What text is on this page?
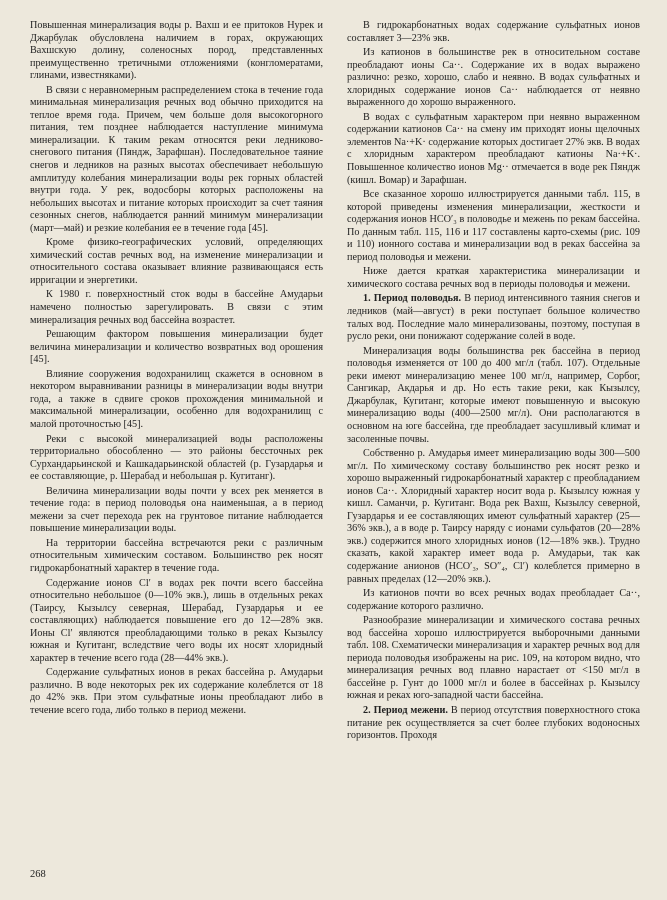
Повышенная минерализация воды р. Вахш и ее притоков Нурек и Джарбулак обусловлена наличием в горах, окружающих Вахшскую долину, соленосных пород, представленных преимущественно третичными отложениями (конгломератами, глинами, известняками).

В связи с неравномерным распределением стока в течение года минимальная минерализация речных вод обычно приходится на теплое время года. Причем, чем больше доля высокогорного питания, тем позднее наблюдается наступление минимума минерализации. К таким рекам относятся реки ледниково-снегового питания (Пяндж, Зарафшан). Последовательное таяние снегов и ледников на разных высотах обеспечивает небольшую амплитуду колебания минерализации воды рек горных областей внутри года. У рек, водосборы которых расположены на небольших высотах и питание которых происходит за счет таяния сезонных снегов, наблюдается ранний минимум минерализации (март—май) и резкие колебания ее в течение года [45].

Кроме физико-географических условий, определяющих химический состав речных вод, на изменение минерализации и относительного состава оказывает влияние развивающаяся есть ирригации и энергетики.

К 1980 г. поверхностный сток воды в бассейне Амударьи намечено полностью зарегулировать. В связи с этим минерализация речных вод бассейна возрастет.

Решающим фактором повышения минерализации будет величина минерализации и количество возвратных вод орошения [45].

Влияние сооружения водохранилищ скажется в основном в некотором выравнивании разницы в минерализации воды внутри года, а также в сдвиге сроков прохождения минимальной и максимальной минерализации, особенно для водохранилищ с малой проточностью [45].

Реки с высокой минерализацией воды расположены территориально обособленно — это районы бессточных рек Сурхандарьинской и Кашкадарьинской областей (р. Гузардарья и ее составляющие, р. Шерабад и небольшая р. Кугитанг).

Величина минерализации воды почти у всех рек меняется в течение года: в период половодья она наименьшая, а в период межени за счет перехода рек на грунтовое питание наблюдается повышение минерализации воды.

На территории бассейна встречаются реки с различным относительным химическим составом. Большинство рек носят гидрокарбонатный характер в течение года.

Содержание ионов Cl′ в водах рек почти всего бассейна относительно небольшое (0—10% экв.), лишь в отдельных реках (Таирсу, Кызылсу северная, Шерабад, Гузардарья и ее составляющих) наблюдается повышение его до 12—28% экв. Ионы Cl′ являются преобладающими только в реках Кызылсу южная и Кугитанг, вследствие чего воды их носят хлоридный характер в течение всего года (28—44% экв.).

Содержание сульфатных ионов в реках бассейна р. Амударьи различно. В воде некоторых рек их содержание колеблется от 18 до 42% экв. При этом сульфатные ионы преобладают либо в течение всего года, либо только в период межени.

В гидрокарбонатных водах содержание сульфатных ионов составляет 3—23% экв.

Из катионов в большинстве рек в относительном составе преобладают ионы Ca··. Содержание их в водах выражено различно: резко, хорошо, слабо и неявно. В водах сульфатных и хлоридных содержание ионов Ca·· наблюдается от неявно выраженного до хорошо выраженного.

В водах с сульфатным характером при неявно выраженном содержании катионов Ca·· на смену им приходят ионы щелочных элементов Na·+K· содержание которых достигает 27% экв. В водах с хлоридным характером преобладают катионы Na·+K·. Повышенное количество ионов Mg·· отмечается в воде рек Пяндж (кишл. Вомар) и Зарафшан.

Все сказанное хорошо иллюстрируется данными табл. 115, в которой приведены изменения минерализации, жесткости и содержания ионов HCO′₃ в половодье и межень по рекам бассейна. По данным табл. 115, 116 и 117 составлены карто-схемы (рис. 109 и 110) ионного состава и минерализации вод в реках бассейна за период половодья и межени.

Ниже дается краткая характеристика минерализации и химического состава речных вод в периоды половодья и межени.

1. Период половодья. В период интенсивного таяния снегов и ледников (май—август) в реки поступает большое количество талых вод. Последние мало минерализованы, поэтому, поступая в русло реки, они понижают содержание солей в воде.

Минерализация воды большинства рек бассейна в период половодья изменяется от 100 до 400 мг/л (табл. 107). Отдельные реки имеют минерализацию менее 100 мг/л, например, Сорбог, Сангикар, Акдарья и др. Но есть такие реки, как Кызылсу, Джарбулак, Кугитанг, которые имеют повышенную и высокую минерализацию воды (400—2500 мг/л). Они располагаются в основном на юге бассейна, где преобладает засушливый климат и засоленные почвы.

Собственно р. Амударья имеет минерализацию воды 300—500 мг/л. По химическому составу большинство рек носят резко и хорошо выраженный гидрокарбонатный характер с преобладанием ионов Ca··. Хлоридный характер носит вода р. Кызылсу южная у кишл. Саманчи, р. Кугитанг. Вода рек Вахш, Кызылсу северной, Гузардарья и ее составляющих имеют сульфатный характер (25—36% экв.), а в воде р. Таирсу наряду с ионами сульфатов (20—28% экв.) содержится много хлоридных ионов (12—18% экв.). Трудно сказать, какой характер имеет вода р. Амударьи, так как содержание анионов (HCO′₃, SO″₄, Cl′) колеблется примерно в равных пределах (12—20% экв.).

Из катионов почти во всех речных водах преобладает Ca··, содержание которого различно.

Разнообразие минерализации и химического состава речных вод бассейна хорошо иллюстрируется выборочными данными табл. 108. Схематически минерализация и характер речных вод для периода половодья изображены на рис. 109, на котором видно, что минерализация речных вод плавно нарастает от <150 мг/л в бассейне р. Гунт до 1000 мг/л и более в бассейнах р. Кызылсу южная и реках юго-западной части бассейна.

2. Период межени. В период отсутствия поверхностного стока питание рек осуществляется за счет более глубоких водоносных горизонтов. Проходя

268
